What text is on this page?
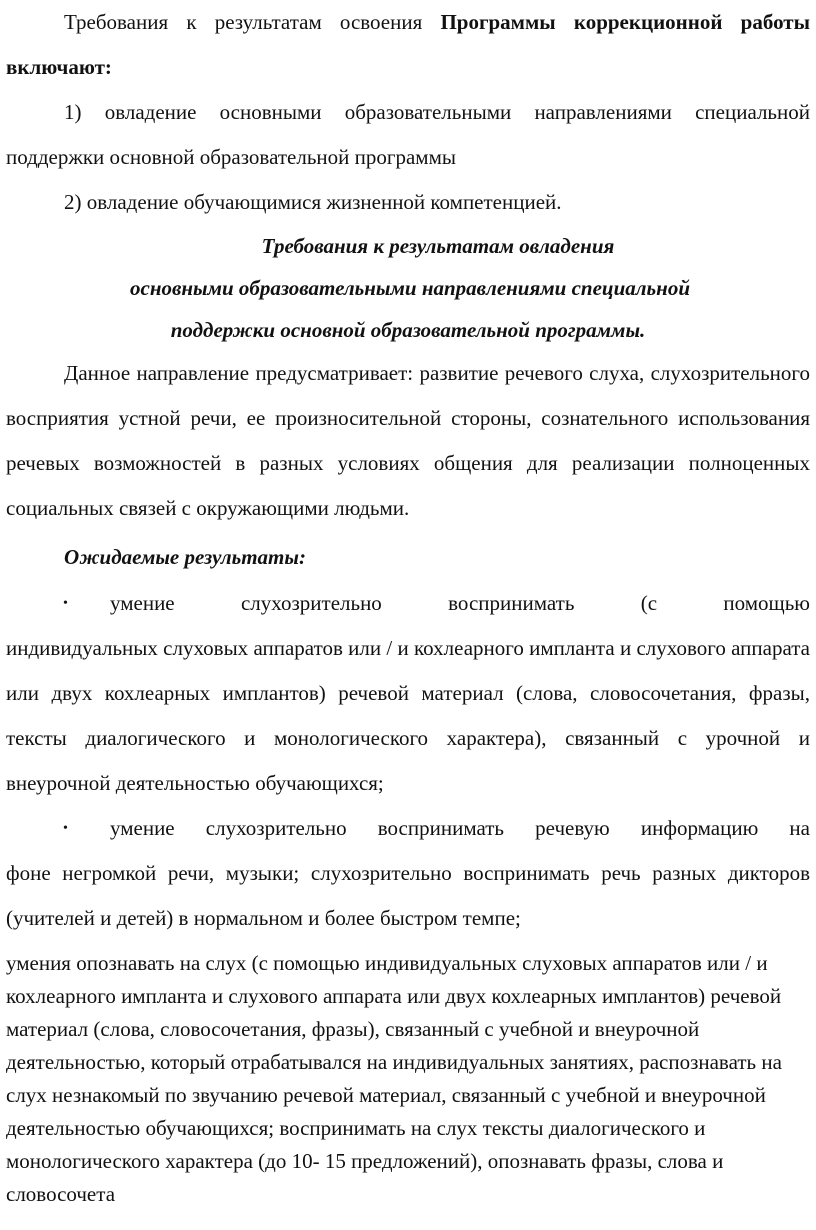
Требования к результатам освоения Программы коррекционной работы включают:

1) овладение основными образовательными направлениями специальной поддержки основной образовательной программы

2) овладение обучающимися жизненной компетенцией.

Требования к результатам овладения

основными образовательными направлениями специальной

поддержки основной образовательной программы.

Данное направление предусматривает: развитие речевого слуха, слухозрительного восприятия устной речи, ее произносительной стороны, сознательного использования речевых возможностей в разных условиях общения для реализации полноценных социальных связей с окружающими людьми.

Ожидаемые результаты:

•	умение слухозрительно воспринимать (с помощью

индивидуальных слуховых аппаратов или / и кохлеарного импланта и слухового аппарата или двух кохлеарных имплантов) речевой материал (слова, словосочетания, фразы, тексты диалогического и монологического характера), связанный с урочной и внеурочной деятельностью обучающихся;

•	умение слухозрительно воспринимать речевую информацию на

фоне негромкой речи, музыки; слухозрительно воспринимать речь разных дикторов (учителей и детей) в нормальном и более быстром темпе;

умения опознавать на слух (с помощью индивидуальных слуховых аппаратов или / и кохлеарного импланта и слухового аппарата или двух кохлеарных имплантов) речевой материал (слова, словосочетания, фразы), связанный с учебной и внеурочной деятельностью, который отрабатывался на индивидуальных занятиях, распознавать на слух незнакомый по звучанию речевой материал, связанный с учебной и внеурочной деятельностью обучающихся; воспринимать на слух тексты диалогического и монологического характера (до 10- 15 предложений), опознавать фразы, слова и словосочета
